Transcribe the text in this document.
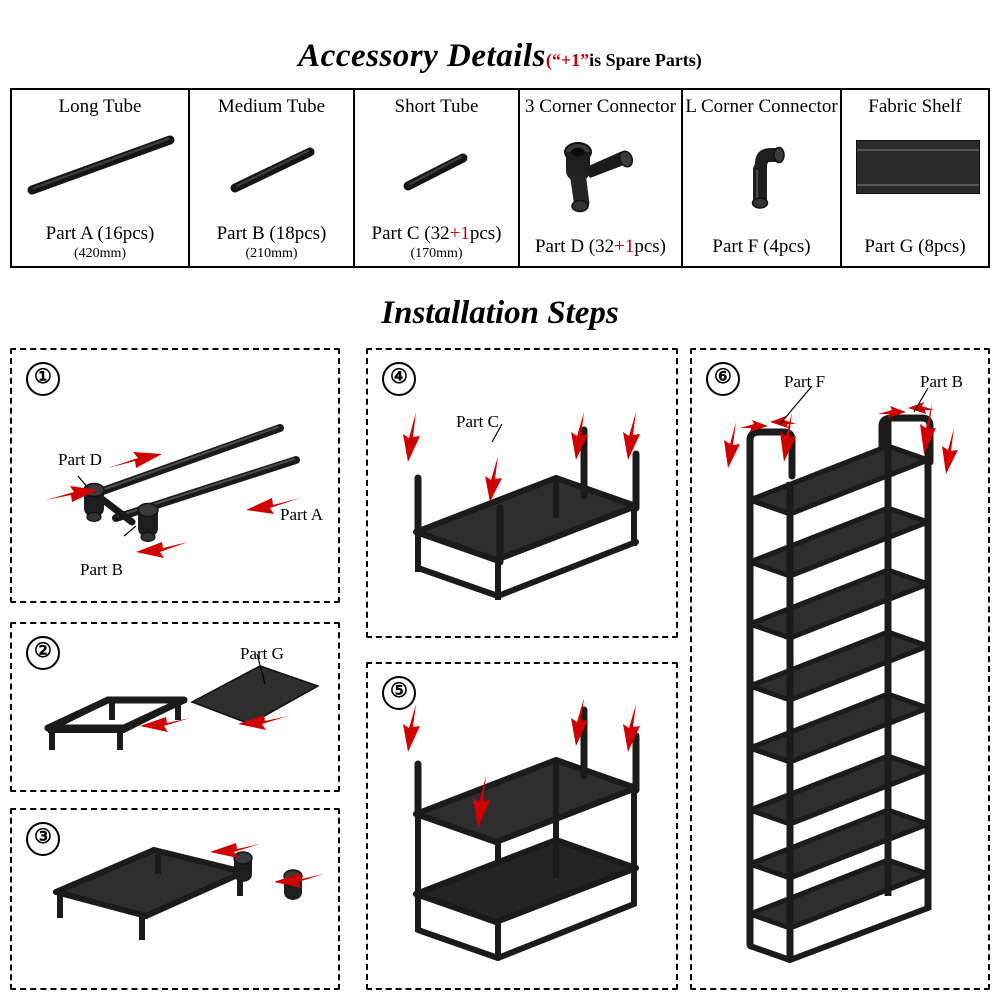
Accessory Details(“+1”is Spare Parts)
Long Tube
Part A (16pcs)
(420mm)
Medium Tube
Part B (18pcs)
(210mm)
Short Tube
Part C (32+1pcs)
(170mm)
3 Corner Connector
Part D (32+1pcs)
L Corner Connector
Part F (4pcs)
Fabric Shelf
Part G (8pcs)
Installation Steps
①
Part D
Part B
Part A
②	Part G
③
④
Part C
⑤
⑥	Part F	Part B
